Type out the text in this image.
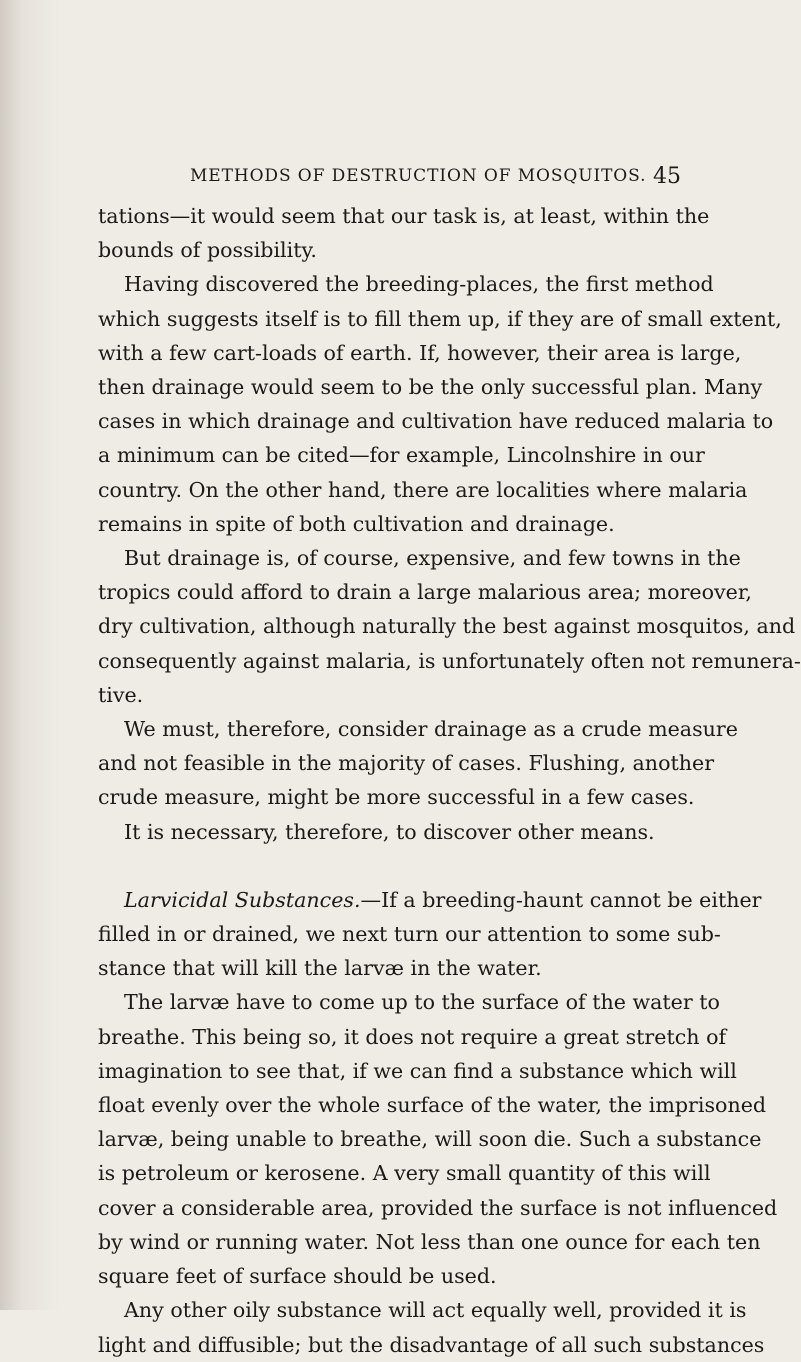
METHODS OF DESTRUCTION OF MOSQUITOS. 45

tations—it would seem that our task is, at least, within the
bounds of possibility.

Having discovered the breeding-places, the first method
which suggests itself is to fill them up, if they are of small extent,
with a few cart-loads of earth. If, however, their area is large,
then drainage would seem to be the only successful plan. Many
cases in which drainage and cultivation have reduced malaria to
a minimum can be cited—for example, Lincolnshire in our
country. On the other hand, there are localities where malaria
remains in spite of both cultivation and drainage.

But drainage is, of course, expensive, and few towns in the
tropics could afford to drain a large malarious area; moreover,
dry cultivation, although naturally the best against mosquitos, and
consequently against malaria, is unfortunately often not remunera-
tive.

We must, therefore, consider drainage as a crude measure
and not feasible in the majority of cases. Flushing, another
crude measure, might be more successful in a few cases.

It is necessary, therefore, to discover other means.

Larvicidal Substances.—If a breeding-haunt cannot be either
filled in or drained, we next turn our attention to some sub-
stance that will kill the larvæ in the water.

The larvæ have to come up to the surface of the water to
breathe. This being so, it does not require a great stretch of
imagination to see that, if we can find a substance which will
float evenly over the whole surface of the water, the imprisoned
larvæ, being unable to breathe, will soon die. Such a substance
is petroleum or kerosene. A very small quantity of this will
cover a considerable area, provided the surface is not influenced
by wind or running water. Not less than one ounce for each ten
square feet of surface should be used.

Any other oily substance will act equally well, provided it is
light and diffusible; but the disadvantage of all such substances
